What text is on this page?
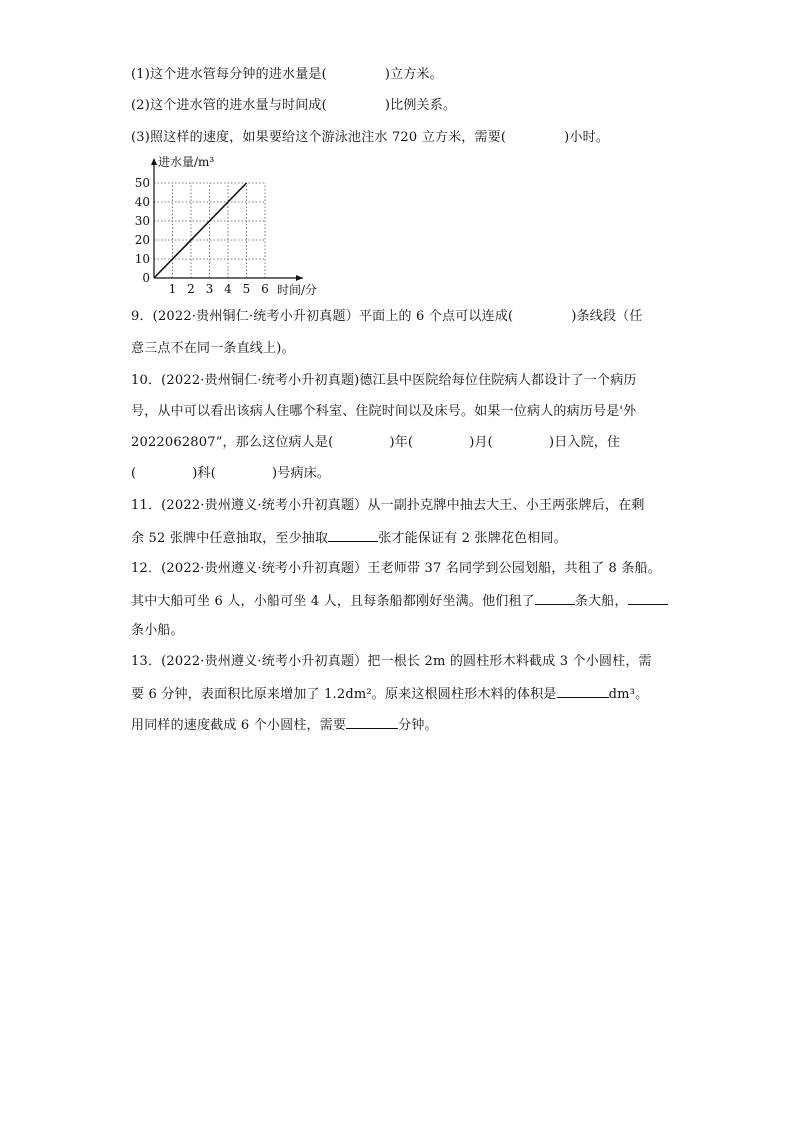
(1)这个进水管每分钟的进水量是(	)立方米。
(2)这个进水管的进水量与时间成(	)比例关系。
(3)照这样的速度，如果要给这个游泳池注水 720 立方米，需要(	)小时。
1 2 3 4 5 6
10
20
30
40
50
0
进水量/m³
时间/分
9．(2022·贵州铜仁·统考小升初真题）平面上的 6 个点可以连成(	)条线段（任
意三点不在同一条直线上)。
10．(2022·贵州铜仁·统考小升初真题)德江县中医院给每位住院病人都设计了一个病历
号，从中可以看出该病人住哪个科室、住院时间以及床号。如果一位病人的病历号是'外
2022062807”，那么这位病人是(	)年(	)月(	)日入院，住
(	)科(	)号病床。
11．(2022·贵州遵义·统考小升初真题）从一副扑克牌中抽去大王、小王两张牌后，在剩
余 52 张牌中任意抽取，至少抽取	张才能保证有 2 张牌花色相同。
12．(2022·贵州遵义·统考小升初真题）王老师带 37 名同学到公园划船，共租了 8 条船。
其中大船可坐 6 人，小船可坐 4 人，且每条船都刚好坐满。他们租了	条大船，
条小船。
13．(2022·贵州遵义·统考小升初真题）把一根长 2m 的圆柱形木料截成 3 个小圆柱，需
要 6 分钟，表面积比原来增加了 1.2dm²。原来这根圆柱形木料的体积是	dm³。
用同样的速度截成 6 个小圆柱，需要	分钟。
